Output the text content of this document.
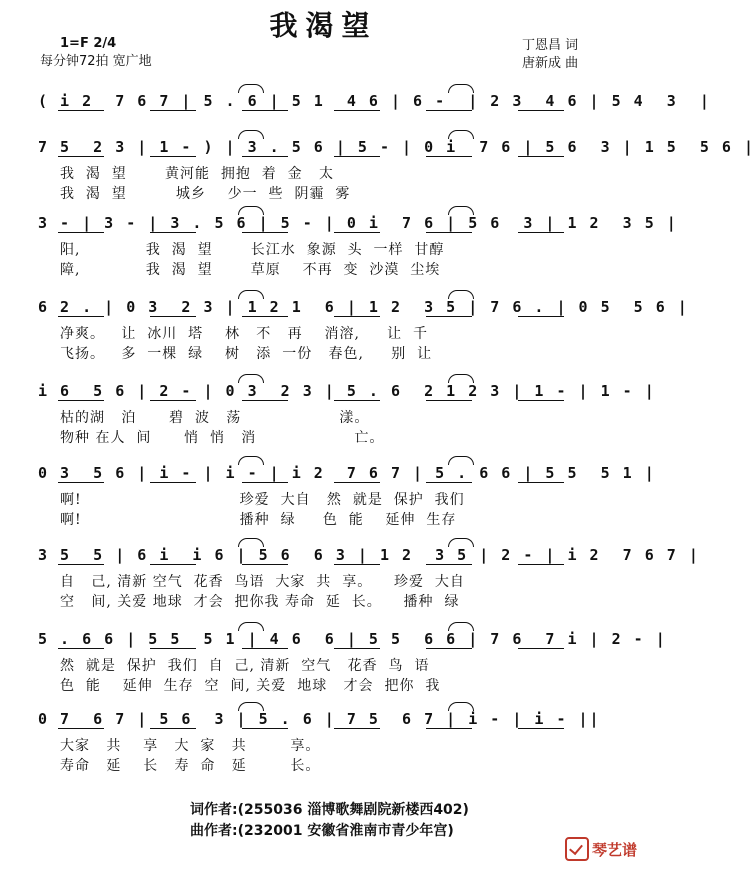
我渴望
1=F 2/4
每分钟72拍 宽广地
丁恩昌 词
唐新成 曲
( i 2  7 6 7 | 5 . 6 | 5 1  4 6 | 6 -  | 2 3  4 6 | 5 4  3  |
7 5  2 3 | 1 - ) | 3 . 5 6 | 5 - | 0 i  7 6 | 5 6  3 | 1 5  5 6 |
我  渴  望       黄河能  拥抱  着  金   太
我  渴  望         城乡    少一  些  阴霾  雾
3 - | 3 - | 3 . 5 6 | 5 - | 0 i  7 6 | 5 6  3 | 1 2  3 5 |
阳,            我  渴  望       长江水  象源  头  一样  甘醇
障,            我  渴  望       草原    不再  变  沙漠  尘埃
6 2 . | 0 3  2 3 | 1 2 1  6 | 1 2  3 5 | 7 6 . | 0 5  5 6 |
净爽。   让  冰川  塔    林   不   再    消溶,     让  千
飞扬。   多  一棵  绿    树   添  一份   春色,     别  让
i 6  5 6 | 2 - | 0 3  2 3 | 5 . 6  2 1 2 3 | 1 - | 1 - |
枯的湖   泊      碧  波   荡                  漾。
物种 在人  间      悄  悄   消                  亡。
0 3  5 6 | i - | i - | i 2  7 6 7 | 5 . 6 6 | 5 5  5 1 |
啊!                             珍爱  大自   然  就是  保护  我们
啊!                             播种  绿     色  能    延伸  生存
3 5  5 | 6 i  i 6 | 5 6  6 3 | 1 2  3 5 | 2 - | i 2  7 6 7 |
自   己, 清新 空气  花香  鸟语  大家  共  享。    珍爱  大自
空   间, 关爱 地球  才会  把你我 寿命  延  长。    播种  绿
5 . 6 6 | 5 5  5 1 | 4 6  6 | 5 5  6 6 | 7 6  7 i | 2 - |
然  就是  保护  我们  自  己, 清新  空气   花香  鸟  语
色  能    延伸  生存  空  间, 关爱  地球   才会  把你  我
0 7  6 7 | 5 6  3 | 5 . 6 | 7 5  6 7 | i - | i - ||
大家   共    享   大  家   共        享。
寿命   延    长   寿  命   延        长。
词作者:(255036 淄博歌舞剧院新楼西402)
曲作者:(232001 安徽省淮南市青少年宫)
琴艺谱
